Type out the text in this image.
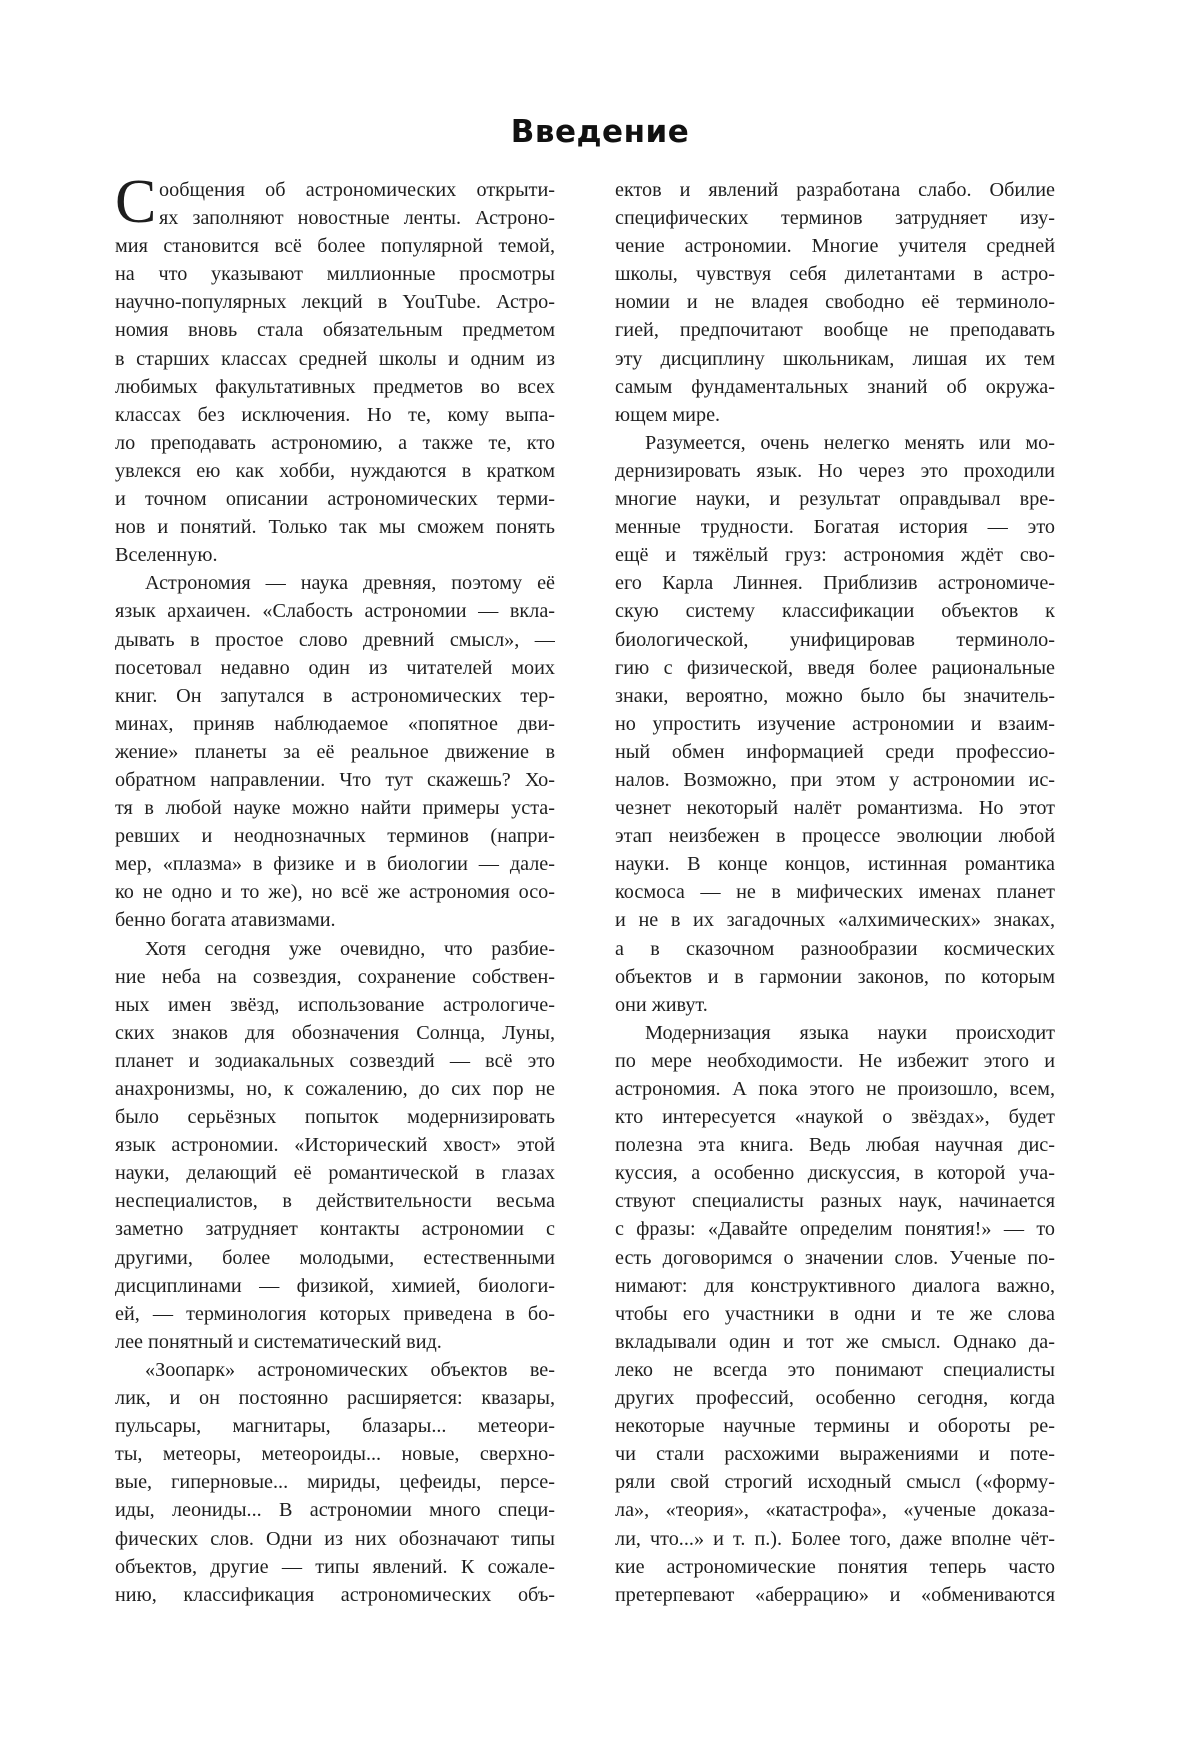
Введение
С ообщения об астрономических открыти-
ях заполняют новостные ленты. Астроно-
мия становится всё более популярной темой,
на что указывают миллионные просмотры
научно-популярных лекций в YouTube. Астро-
номия вновь стала обязательным предметом
в старших классах средней школы и одним из
любимых факультативных предметов во всех
классах без исключения. Но те, кому выпа-
ло преподавать астрономию, а также те, кто
увлекся ею как хобби, нуждаются в кратком
и точном описании астрономических терми-
нов и понятий. Только так мы сможем понять
Вселенную.
Астрономия — наука древняя, поэтому её
язык архаичен. «Слабость астрономии — вкла-
дывать в простое слово древний смысл», —
посетовал недавно один из читателей моих
книг. Он запутался в астрономических тер-
минах, приняв наблюдаемое «попятное дви-
жение» планеты за её реальное движение в
обратном направлении. Что тут скажешь? Хо-
тя в любой науке можно найти примеры уста-
ревших и неоднозначных терминов (напри-
мер, «плазма» в физике и в биологии — дале-
ко не одно и то же), но всё же астрономия осо-
бенно богата атавизмами.
Хотя сегодня уже очевидно, что разбие-
ние неба на созвездия, сохранение собствен-
ных имен звёзд, использование астрологиче-
ских знаков для обозначения Солнца, Луны,
планет и зодиакальных созвездий — всё это
анахронизмы, но, к сожалению, до сих пор не
было серьёзных попыток модернизировать
язык астрономии. «Исторический хвост» этой
науки, делающий её романтической в глазах
неспециалистов, в действительности весьма
заметно затрудняет контакты астрономии с
другими, более молодыми, естественными
дисциплинами — физикой, химией, биологи-
ей, — терминология которых приведена в бо-
лее понятный и систематический вид.
«Зоопарк» астрономических объектов ве-
лик, и он постоянно расширяется: квазары,
пульсары, магнитары, блазары... метеори-
ты, метеоры, метеороиды... новые, сверхно-
вые, гиперновые... мириды, цефеиды, персе-
иды, леониды... В астрономии много специ-
фических слов. Одни из них обозначают типы
объектов, другие — типы явлений. К сожале-
нию, классификация астрономических объ-
ектов и явлений разработана слабо. Обилие
специфических терминов затрудняет изу-
чение астрономии. Многие учителя средней
школы, чувствуя себя дилетантами в астро-
номии и не владея свободно её терминоло-
гией, предпочитают вообще не преподавать
эту дисциплину школьникам, лишая их тем
самым фундаментальных знаний об окружа-
ющем мире.
Разумеется, очень нелегко менять или мо-
дернизировать язык. Но через это проходили
многие науки, и результат оправдывал вре-
менные трудности. Богатая история — это
ещё и тяжёлый груз: астрономия ждёт сво-
его Карла Линнея. Приблизив астрономиче-
скую систему классификации объектов к
биологической, унифицировав терминоло-
гию с физической, введя более рациональные
знаки, вероятно, можно было бы значитель-
но упростить изучение астрономии и взаим-
ный обмен информацией среди профессио-
налов. Возможно, при этом у астрономии ис-
чезнет некоторый налёт романтизма. Но этот
этап неизбежен в процессе эволюции любой
науки. В конце концов, истинная романтика
космоса — не в мифических именах планет
и не в их загадочных «алхимических» знаках,
а в сказочном разнообразии космических
объектов и в гармонии законов, по которым
они живут.
Модернизация языка науки происходит
по мере необходимости. Не избежит этого и
астрономия. А пока этого не произошло, всем,
кто интересуется «наукой о звёздах», будет
полезна эта книга. Ведь любая научная дис-
куссия, а особенно дискуссия, в которой уча-
ствуют специалисты разных наук, начинается
с фразы: «Давайте определим понятия!» — то
есть договоримся о значении слов. Ученые по-
нимают: для конструктивного диалога важно,
чтобы его участники в одни и те же слова
вкладывали один и тот же смысл. Однако да-
леко не всегда это понимают специалисты
других профессий, особенно сегодня, когда
некоторые научные термины и обороты ре-
чи стали расхожими выражениями и поте-
ряли свой строгий исходный смысл («форму-
ла», «теория», «катастрофа», «ученые доказа-
ли, что...» и т. п.). Более того, даже вполне чёт-
кие астрономические понятия теперь часто
претерпевают «аберрацию» и «обмениваются
